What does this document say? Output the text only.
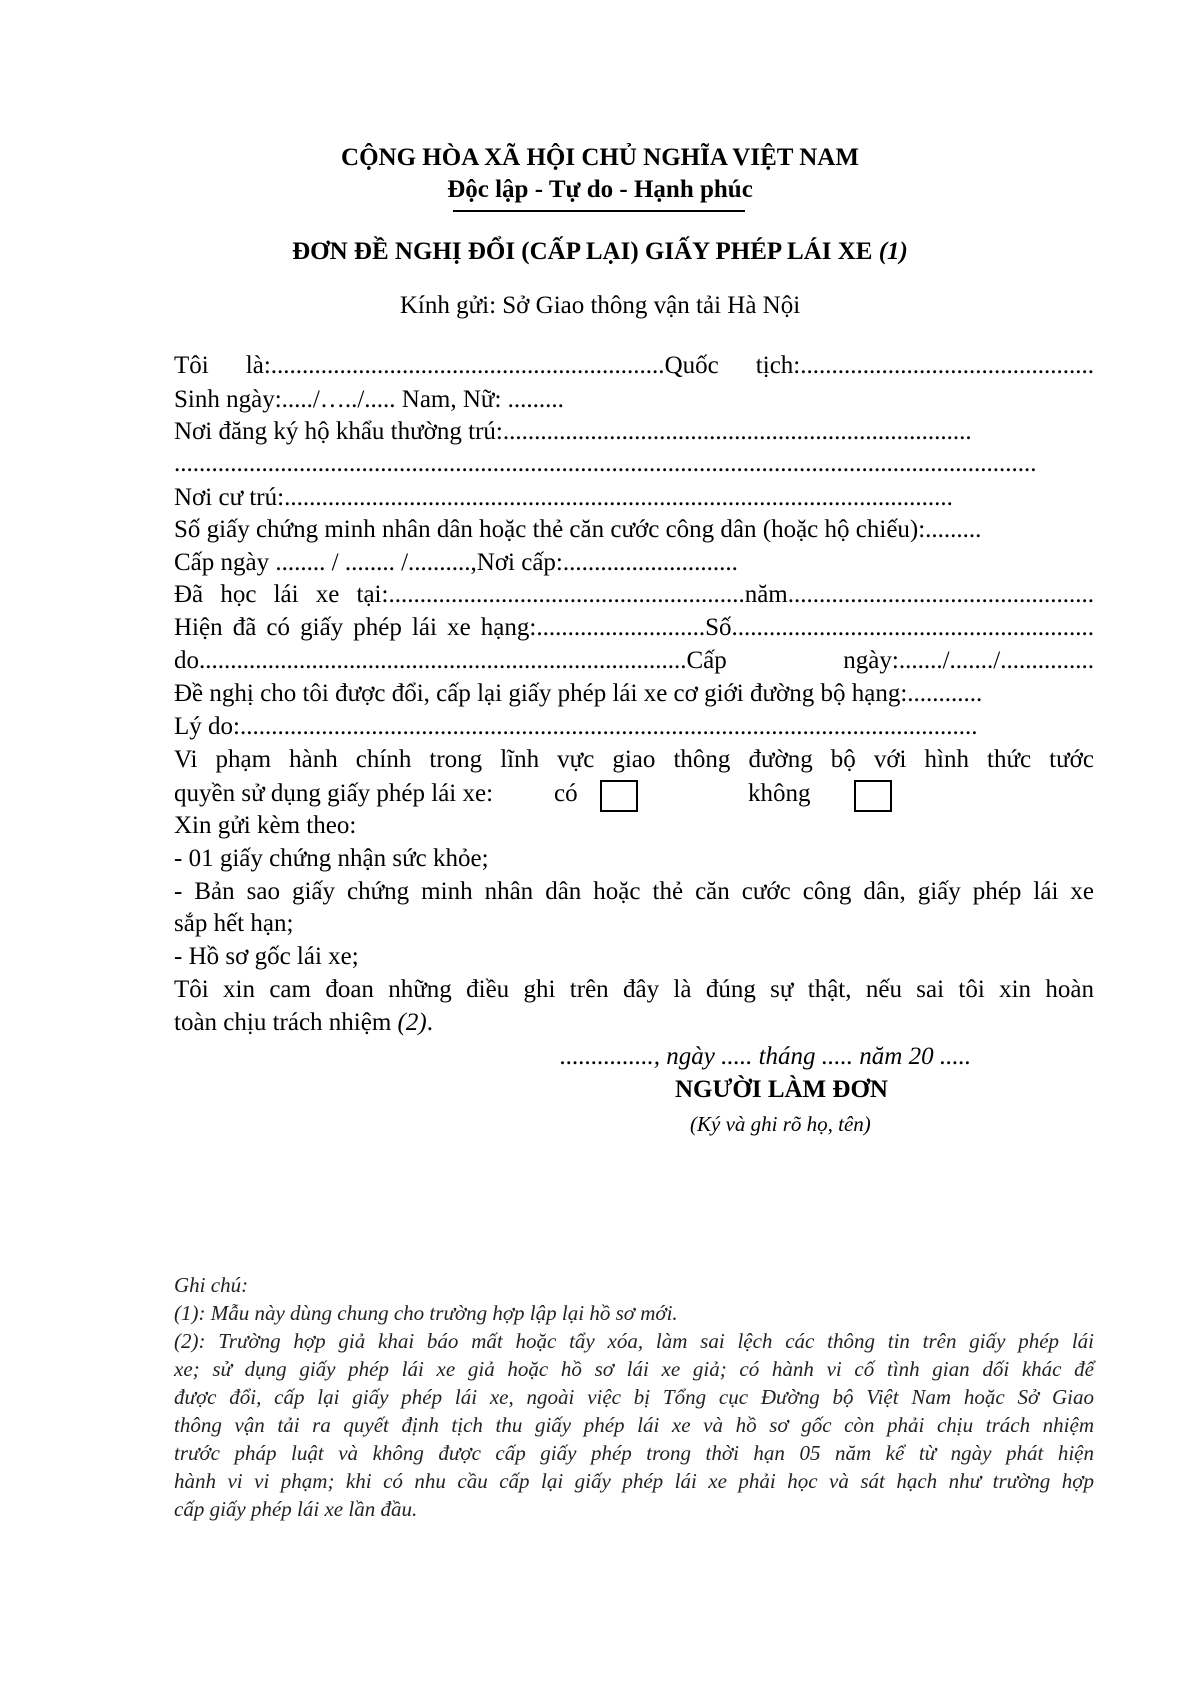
CỘNG HÒA XÃ HỘI CHỦ NGHĨA VIỆT NAM
Độc lập - Tự do - Hạnh phúc
ĐƠN ĐỀ NGHỊ ĐỔI (CẤP LẠI) GIẤY PHÉP LÁI XE (1)
Kính gửi: Sở Giao thông vận tải Hà Nội
Tôi là:...............................................................Quốc tịch:...............................................
Sinh ngày:...../…../..... Nam, Nữ: .........
Nơi đăng ký hộ khẩu thường trú:...........................................................................
..........................................................................................................................................
Nơi cư trú:...........................................................................................................
Số giấy chứng minh nhân dân hoặc thẻ căn cước công dân (hoặc hộ chiếu):.........
Cấp ngày ........ / ........ /..........,Nơi cấp:............................
Đã học lái xe tại:.........................................................năm.................................................
Hiện đã có giấy phép lái xe hạng:...........................Số..........................................................
do..............................................................................Cấp ngày:......./......./...............
Đề nghị cho tôi được đổi, cấp lại giấy phép lái xe cơ giới đường bộ hạng:............
Lý do:......................................................................................................................
Vi phạm hành chính trong lĩnh vực giao thông đường bộ với hình thức tước
quyền sử dụng giấy phép lái xe: có	không
Xin gửi kèm theo:
- 01 giấy chứng nhận sức khỏe;
- Bản sao giấy chứng minh nhân dân hoặc thẻ căn cước công dân, giấy phép lái xe
sắp hết hạn;
- Hồ sơ gốc lái xe;
Tôi xin cam đoan những điều ghi trên đây là đúng sự thật, nếu sai tôi xin hoàn
toàn chịu trách nhiệm (2).
..............., ngày ..... tháng ..... năm 20 .....
NGƯỜI LÀM ĐƠN
(Ký và ghi rõ họ, tên)
Ghi chú:
(1): Mẫu này dùng chung cho trường hợp lập lại hồ sơ mới.
(2): Trường hợp giả khai báo mất hoặc tẩy xóa, làm sai lệch các thông tin trên giấy phép lái
xe; sử dụng giấy phép lái xe giả hoặc hồ sơ lái xe giả; có hành vi cố tình gian dối khác để
được đổi, cấp lại giấy phép lái xe, ngoài việc bị Tổng cục Đường bộ Việt Nam hoặc Sở Giao
thông vận tải ra quyết định tịch thu giấy phép lái xe và hồ sơ gốc còn phải chịu trách nhiệm
trước pháp luật và không được cấp giấy phép trong thời hạn 05 năm kể từ ngày phát hiện
hành vi vi phạm; khi có nhu cầu cấp lại giấy phép lái xe phải học và sát hạch như trường hợp
cấp giấy phép lái xe lần đầu.
